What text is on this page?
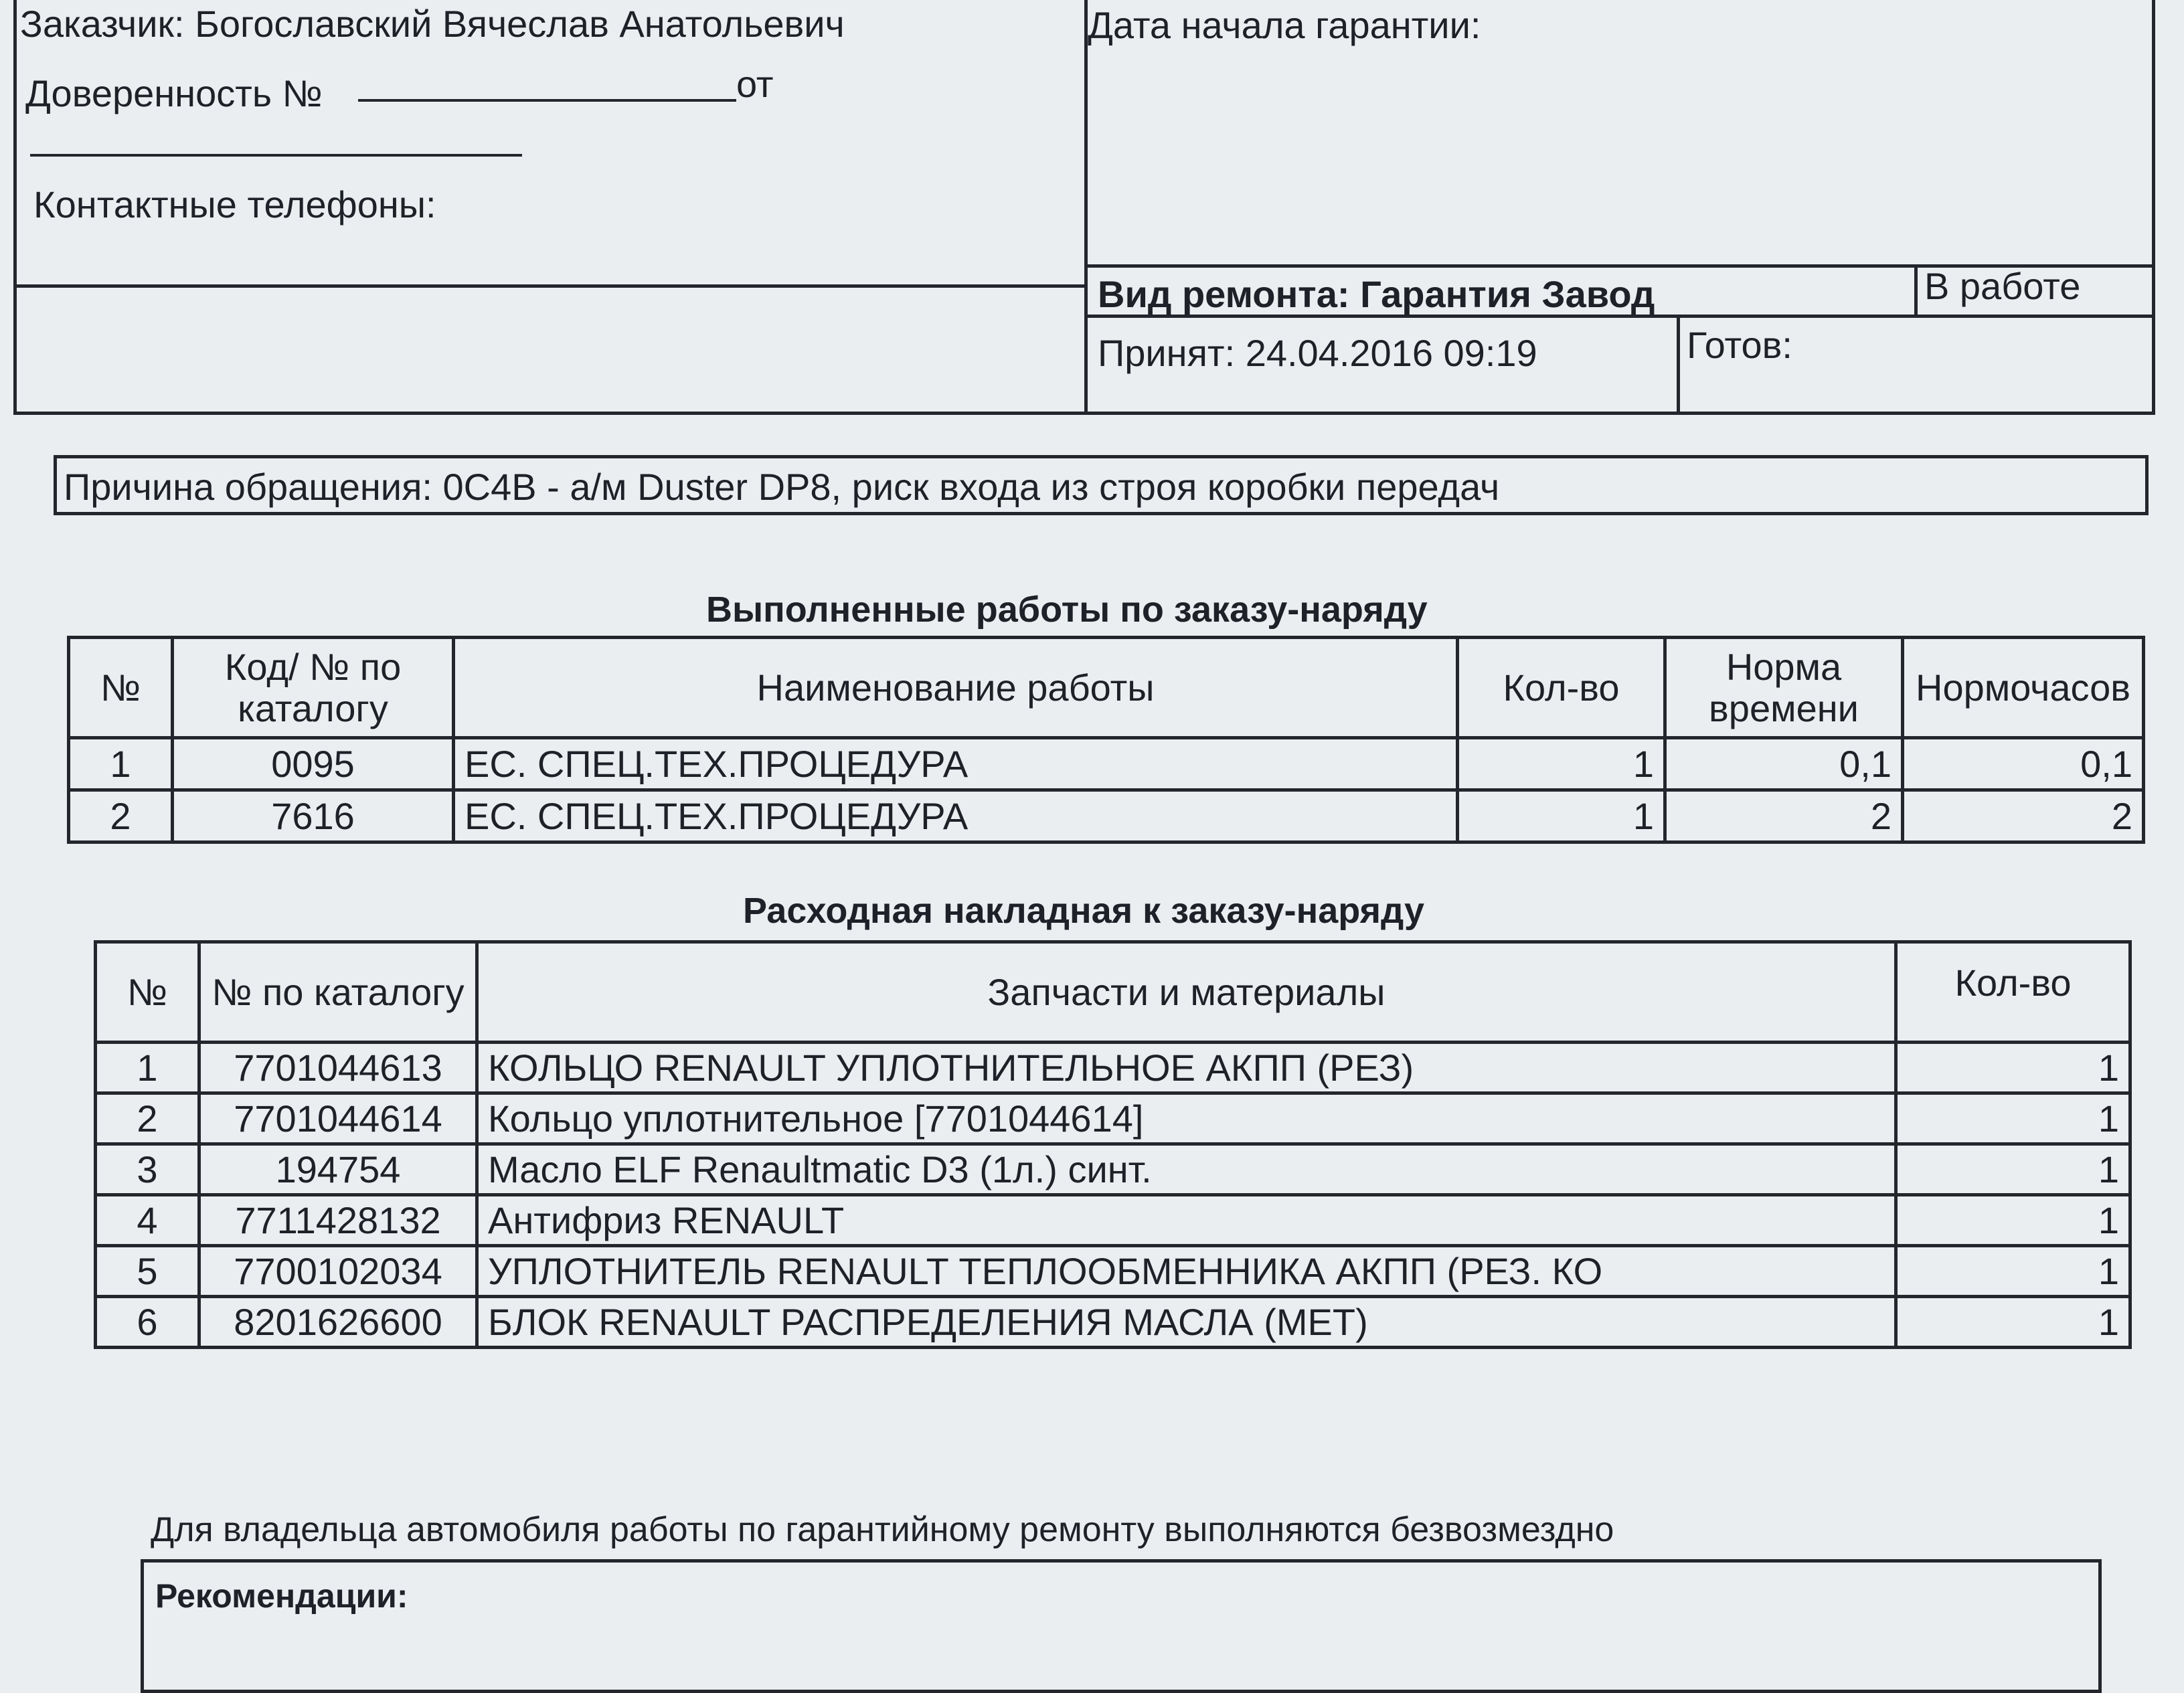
Заказчик: Богославский Вячеслав Анатольевич
Доверенность №	от
Контактные телефоны:
Дата начала гарантии:
Вид ремонта: Гарантия Завод	В работе
Принят: 24.04.2016 09:19	Готов:
Причина обращения: 0C4B - а/м Duster DP8, риск входа из строя коробки передач
Выполненные работы по заказу-наряду
№	Код/ № по каталогу	Наименование работы	Кол-во	Норма времени	Нормочасов
1	0095	ЕС. СПЕЦ.ТЕХ.ПРОЦЕДУРА	1	0,1	0,1
2	7616	ЕС. СПЕЦ.ТЕХ.ПРОЦЕДУРА	1	2	2
Расходная накладная к заказу-наряду
№	№ по каталогу	Запчасти и материалы	Кол-во
1	7701044613	КОЛЬЦО RENAULT УПЛОТНИТЕЛЬНОЕ АКПП (РЕЗ)	1
2	7701044614	Кольцо уплотнительное [7701044614]	1
3	194754	Масло ELF Renaultmatic D3 (1л.) синт.	1
4	7711428132	Антифриз RENAULT	1
5	7700102034	УПЛОТНИТЕЛЬ RENAULT ТЕПЛООБМЕННИКА АКПП (РЕЗ. КО	1
6	8201626600	БЛОК RENAULT РАСПРЕДЕЛЕНИЯ МАСЛА (МЕТ)	1
Для владельца автомобиля работы по гарантийному ремонту выполняются безвозмездно
Рекомендации:
